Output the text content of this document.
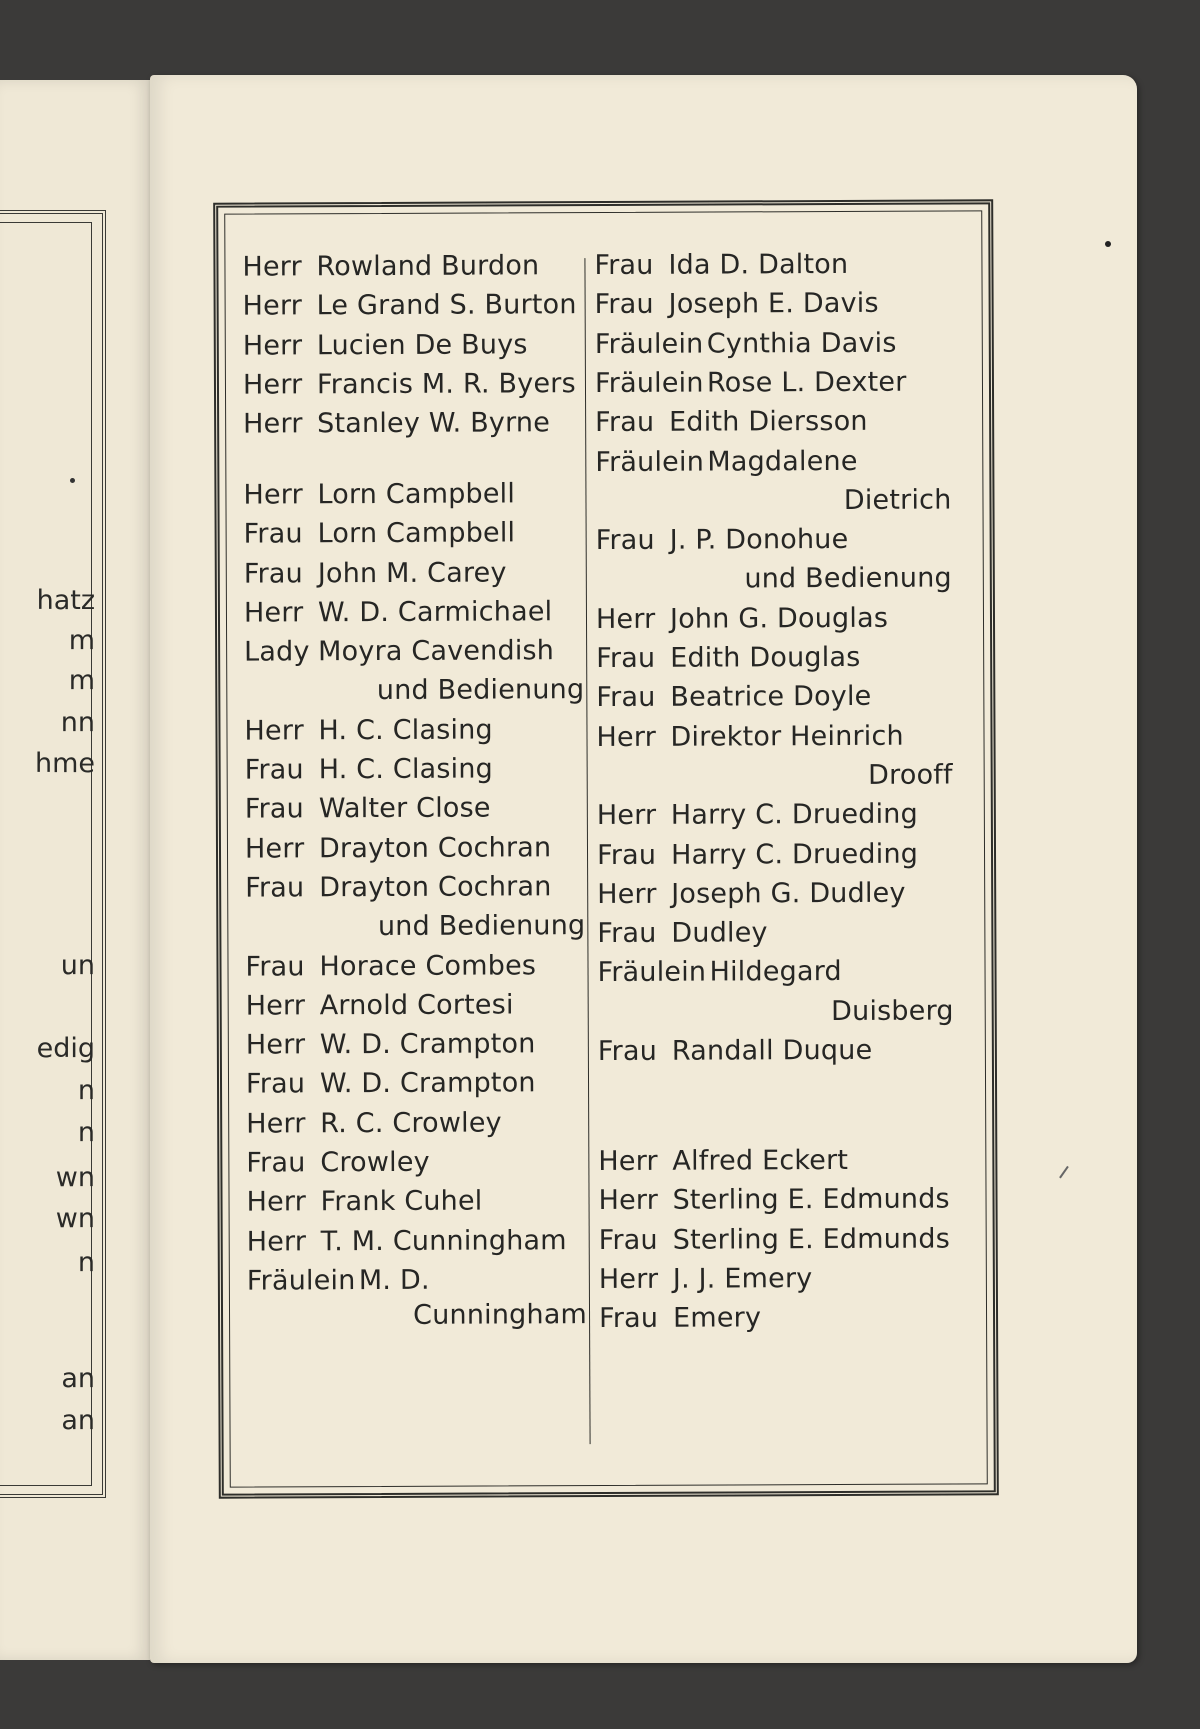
hatz
m
m
nn
hme
un
edig
n
n
wn
wn
n
an
an
Herr Rowland Burdon
Herr Le Grand S. Burton
Herr Lucien De Buys
Herr Francis M. R. Byers
Herr Stanley W. Byrne
Herr Lorn Campbell
Frau Lorn Campbell
Frau John M. Carey
Herr W. D. Carmichael
Lady Moyra Cavendish
und Bedienung
Herr H. C. Clasing
Frau H. C. Clasing
Frau Walter Close
Herr Drayton Cochran
Frau Drayton Cochran
und Bedienung
Frau Horace Combes
Herr Arnold Cortesi
Herr W. D. Crampton
Frau W. D. Crampton
Herr R. C. Crowley
Frau Crowley
Herr Frank Cuhel
Herr T. M. Cunningham
Fräulein M. D.
Cunningham
Frau Ida D. Dalton
Frau Joseph E. Davis
Fräulein Cynthia Davis
Fräulein Rose L. Dexter
Frau Edith Diersson
Fräulein Magdalene
Dietrich
Frau J. P. Donohue
und Bedienung
Herr John G. Douglas
Frau Edith Douglas
Frau Beatrice Doyle
Herr Direktor Heinrich
Drooff
Herr Harry C. Drueding
Frau Harry C. Drueding
Herr Joseph G. Dudley
Frau Dudley
Fräulein Hildegard
Duisberg
Frau Randall Duque
Herr Alfred Eckert
Herr Sterling E. Edmunds
Frau Sterling E. Edmunds
Herr J. J. Emery
Frau Emery
